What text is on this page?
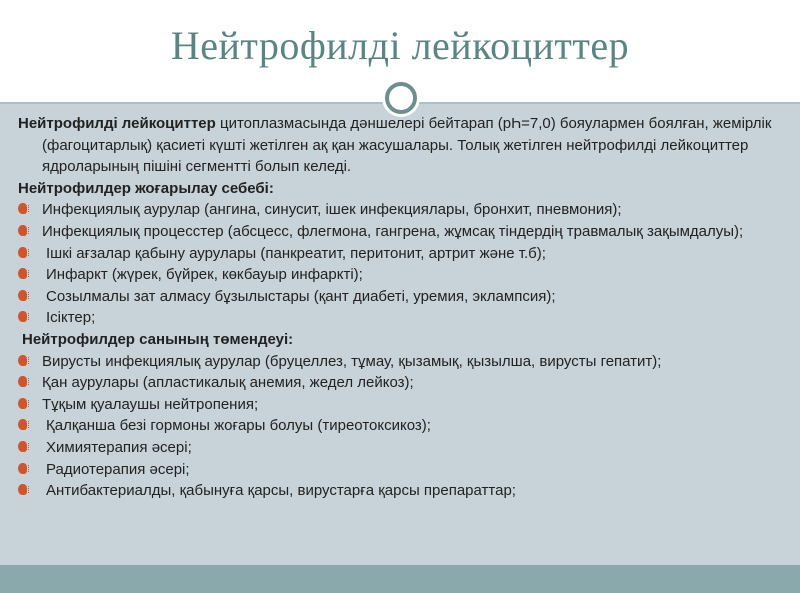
Нейтрофилді лейкоциттер
Нейтрофилді лейкоциттер цитоплазмасында дәншелері бейтарап (pҺ=7,0) бояулармен боялған, жемірлік (фагоцитарлық) қасиеті күшті жетілген ақ қан жасушалары. Толық жетілген нейтрофилді лейкоциттер ядроларының пішіні сегментті болып келеді.
Нейтрофилдер жоғарылау себебі:
Инфекциялық аурулар (ангина, синусит, ішек инфекциялары, бронхит, пневмония);
Инфекциялық процесстер (абсцесс, флегмона, гангрена, жұмсақ тіндердің травмалық зақымдалуы);
Ішкі ағзалар қабыну аурулары (панкреатит, перитонит, артрит және т.б);
Инфаркт (жүрек, бүйрек, көкбауыр инфаркті);
Созылмалы зат алмасу бұзылыстары (қант диабеті, уремия, эклампсия);
Ісіктер;
Нейтрофилдер санының төмендеуі:
Вирусты инфекциялық аурулар (бруцеллез, тұмау, қызамық, қызылша, вирусты гепатит);
Қан аурулары (апластикалық анемия, жедел лейкоз);
Тұқым қуалаушы нейтропения;
Қалқанша безі гормоны жоғары болуы (тиреотоксикоз);
Химиятерапия әсері;
Радиотерапия әсері;
Антибактериалды, қабынуға қарсы, вирустарға қарсы препараттар;
